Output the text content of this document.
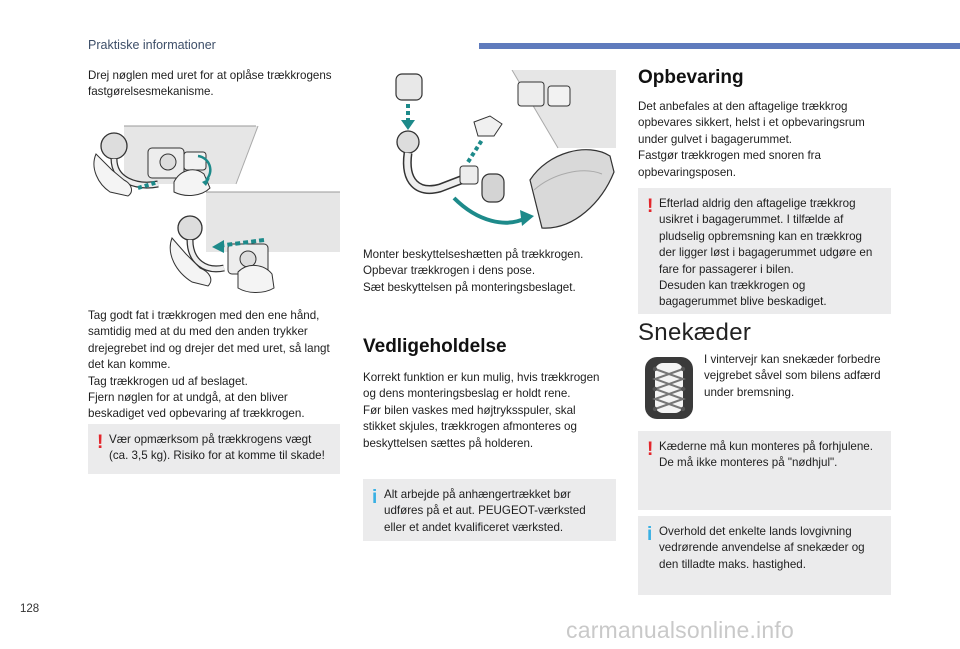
Praktiske informationer
Drej nøglen med uret for at oplåse trækkrogens
fastgørelsesmekanisme.
Tag godt fat i trækkrogen med den ene hånd,
samtidig med at du med den anden trykker
drejegrebet ind og drejer det med uret, så langt
det kan komme.
Tag trækkrogen ud af beslaget.
Fjern nøglen for at undgå, at den bliver
beskadiget ved opbevaring af trækkrogen.
! Vær opmærksom på trækkrogens vægt
(ca. 3,5 kg). Risiko for at komme til skade!
Monter beskyttelseshætten på trækkrogen.
Opbevar trækkrogen i dens pose.
Sæt beskyttelsen på monteringsbeslaget.
Vedligeholdelse
Korrekt funktion er kun mulig, hvis trækkrogen
og dens monteringsbeslag er holdt rene.
Før bilen vaskes med højtryksspuler, skal
stikket skjules, trækkrogen afmonteres og
beskyttelsen sættes på holderen.
i Alt arbejde på anhængertrækket bør
udføres på et aut. PEUGEOT-værksted
eller et andet kvalificeret værksted.
Opbevaring
Det anbefales at den aftagelige trækkrog
opbevares sikkert, helst i et opbevaringsrum
under gulvet i bagagerummet.
Fastgør trækkrogen med snoren fra
opbevaringsposen.
! Efterlad aldrig den aftagelige trækkrog
usikret i bagagerummet. I tilfælde af
pludselig opbremsning kan en trækkrog
der ligger løst i bagagerummet udgøre en
fare for passagerer i bilen.
Desuden kan trækkrogen og
bagagerummet blive beskadiget.
Snekæder
I vintervejr kan snekæder forbedre
vejgrebet såvel som bilens adfærd
under bremsning.
! Kæderne må kun monteres på forhjulene.
De må ikke monteres på "nødhjul".
i Overhold det enkelte lands lovgivning
vedrørende anvendelse af snekæder og
den tilladte maks. hastighed.
128
carmanualsonline.info
